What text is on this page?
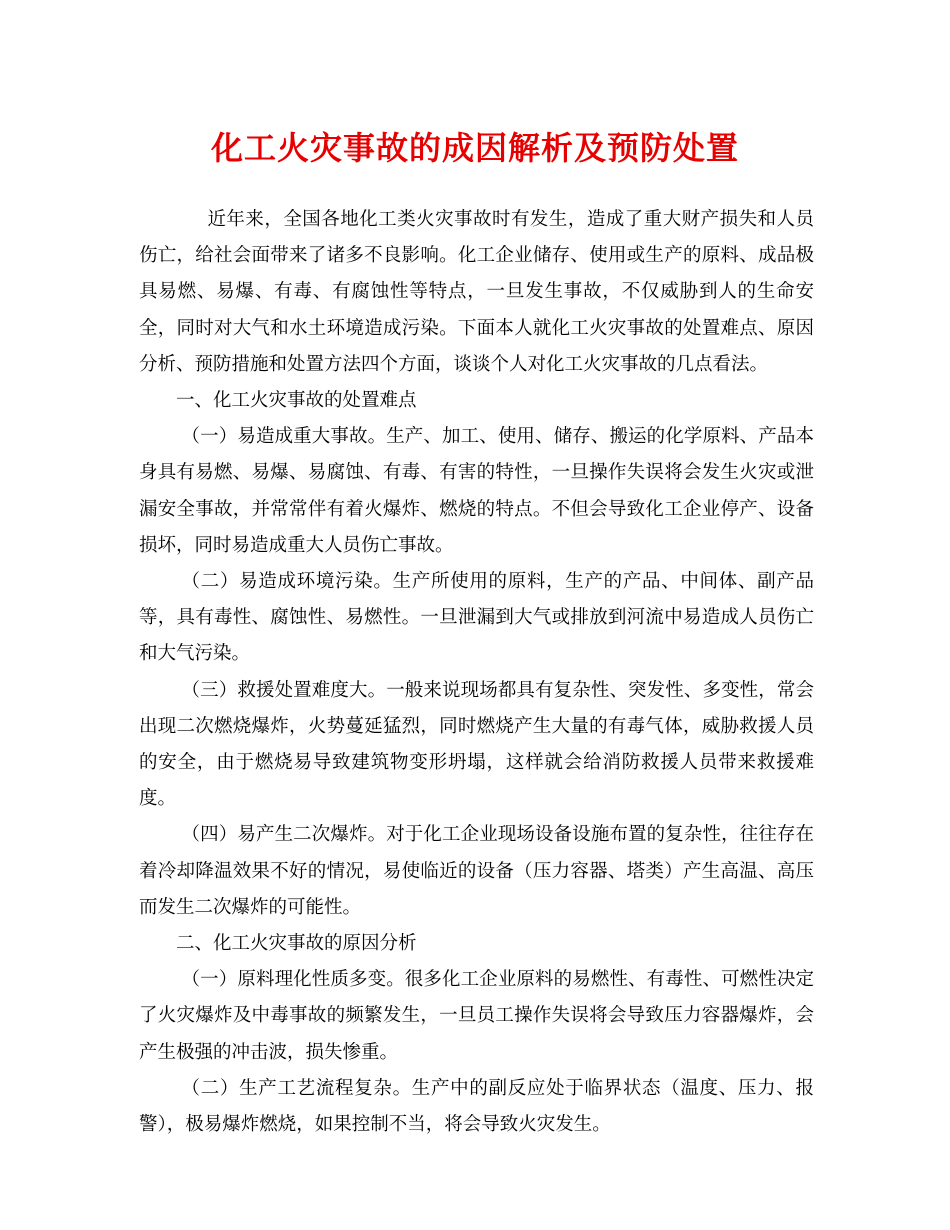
化工火灾事故的成因解析及预防处置

近年来，全国各地化工类火灾事故时有发生，造成了重大财产损失和人员伤亡，给社会面带来了诸多不良影响。化工企业储存、使用或生产的原料、成品极具易燃、易爆、有毒、有腐蚀性等特点，一旦发生事故，不仅威胁到人的生命安全，同时对大气和水土环境造成污染。下面本人就化工火灾事故的处置难点、原因分析、预防措施和处置方法四个方面，谈谈个人对化工火灾事故的几点看法。

一、化工火灾事故的处置难点

（一）易造成重大事故。生产、加工、使用、储存、搬运的化学原料、产品本身具有易燃、易爆、易腐蚀、有毒、有害的特性，一旦操作失误将会发生火灾或泄漏安全事故，并常常伴有着火爆炸、燃烧的特点。不但会导致化工企业停产、设备损坏，同时易造成重大人员伤亡事故。

（二）易造成环境污染。生产所使用的原料，生产的产品、中间体、副产品等，具有毒性、腐蚀性、易燃性。一旦泄漏到大气或排放到河流中易造成人员伤亡和大气污染。

（三）救援处置难度大。一般来说现场都具有复杂性、突发性、多变性，常会出现二次燃烧爆炸，火势蔓延猛烈，同时燃烧产生大量的有毒气体，威胁救援人员的安全，由于燃烧易导致建筑物变形坍塌，这样就会给消防救援人员带来救援难度。

（四）易产生二次爆炸。对于化工企业现场设备设施布置的复杂性，往往存在着冷却降温效果不好的情况，易使临近的设备（压力容器、塔类）产生高温、高压而发生二次爆炸的可能性。

二、化工火灾事故的原因分析

（一）原料理化性质多变。很多化工企业原料的易燃性、有毒性、可燃性决定了火灾爆炸及中毒事故的频繁发生，一旦员工操作失误将会导致压力容器爆炸，会产生极强的冲击波，损失惨重。

（二）生产工艺流程复杂。生产中的副反应处于临界状态（温度、压力、报警），极易爆炸燃烧，如果控制不当，将会导致火灾发生。
